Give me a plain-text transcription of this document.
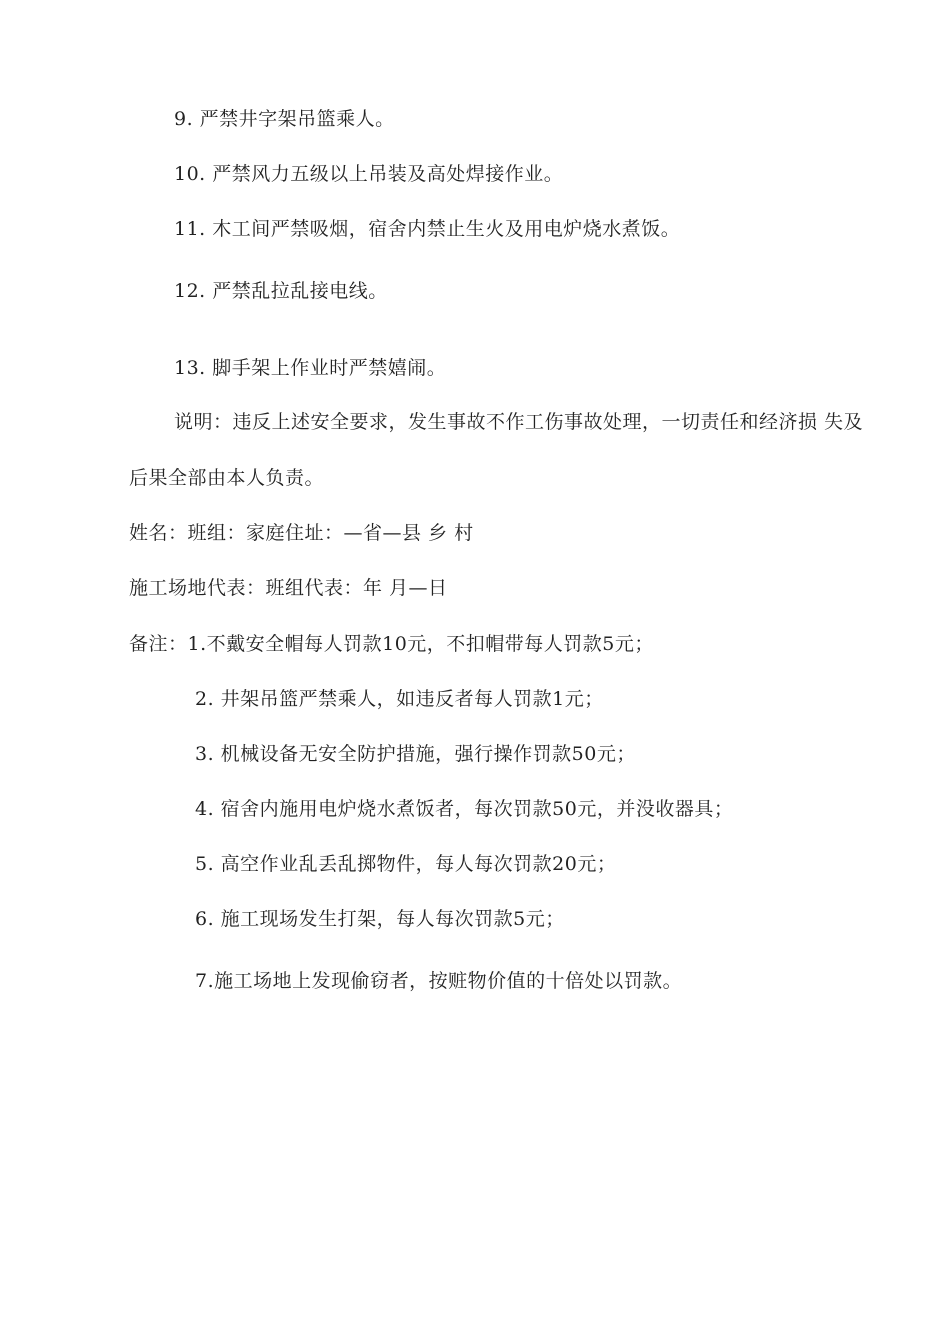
9. 严禁井字架吊篮乘人。
10. 严禁风力五级以上吊装及高处焊接作业。
11. 木工间严禁吸烟，宿舍内禁止生火及用电炉烧水煮饭。
12. 严禁乱拉乱接电线。
13. 脚手架上作业时严禁嬉闹。
说明：违反上述安全要求，发生事故不作工伤事故处理，一切责任和经济损 失及
后果全部由本人负责。
姓名：班组：家庭住址：—省—县 乡 村
施工场地代表：班组代表：年 月—日
备注：1.不戴安全帽每人罚款10元，不扣帽带每人罚款5元；
2. 井架吊篮严禁乘人，如违反者每人罚款1元；
3. 机械设备无安全防护措施，强行操作罚款50元；
4. 宿舍内施用电炉烧水煮饭者，每次罚款50元，并没收器具；
5. 高空作业乱丢乱掷物件，每人每次罚款20元；
6. 施工现场发生打架，每人每次罚款5元；
7.施工场地上发现偷窃者，按赃物价值的十倍处以罚款。
